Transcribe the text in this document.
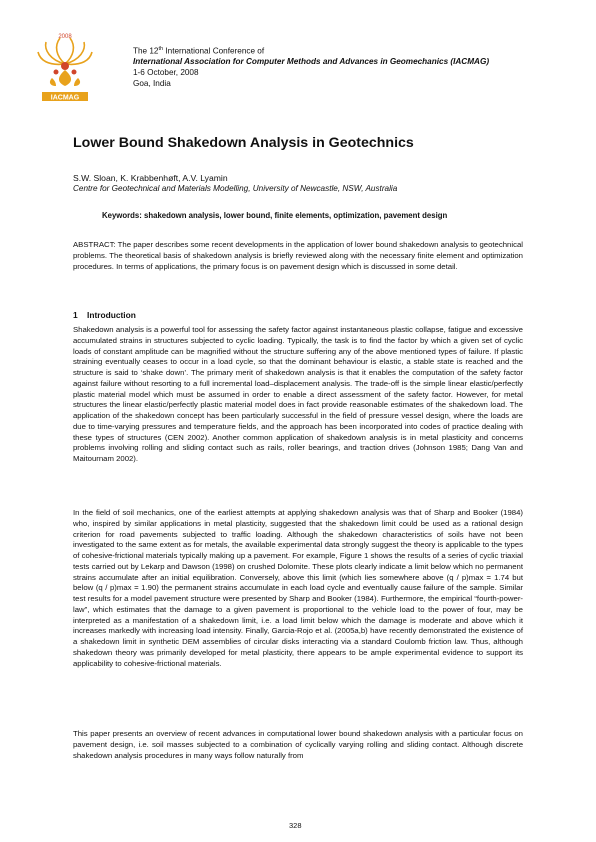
IACMAG
2008
The 12th International Conference of
International Association for Computer Methods and Advances in Geomechanics (IACMAG)
1-6 October, 2008
Goa, India
Lower Bound Shakedown Analysis in Geotechnics
S.W. Sloan, K. Krabbenhøft, A.V. Lyamin
Centre for Geotechnical and Materials Modelling, University of Newcastle, NSW, Australia
Keywords: shakedown analysis, lower bound, finite elements, optimization, pavement design

ABSTRACT: The paper describes some recent developments in the application of lower bound shakedown analysis to geotechnical problems. The theoretical basis of shakedown analysis is briefly reviewed along with the necessary finite element and optimization procedures. In terms of applications, the primary focus is on pavement design which is discussed in some detail.

1 Introduction

Shakedown analysis is a powerful tool for assessing the safety factor against instantaneous plastic collapse, fatigue and excessive accumulated strains in structures subjected to cyclic loading. Typically, the task is to find the factor by which a given set of cyclic loads of constant amplitude can be magnified without the structure suffering any of the above mentioned types of failure. If plastic straining eventually ceases to occur in a load cycle, so that the dominant behaviour is elastic, a stable state is reached and the structure is said to ‘shake down’. The primary merit of shakedown analysis is that it enables the computation of the safety factor against failure without resorting to a full incremental load–displacement analysis. The trade-off is the simple linear elastic/perfectly plastic material model which must be assumed in order to enable a direct assessment of the safety factor. However, for metal structures the linear elastic/perfectly plastic material model does in fact provide reasonable estimates of the shakedown load. The application of the shakedown concept has been particularly successful in the field of pressure vessel design, where the loads are due to time-varying pressures and temperature fields, and the approach has been incorporated into codes of practice dealing with these types of structures (CEN 2002). Another common application of shakedown analysis is in metal plasticity and concerns problems involving rolling and sliding contact such as rails, roller bearings, and traction drives (Johnson 1985; Dang Van and Maitournam 2002).

In the field of soil mechanics, one of the earliest attempts at applying shakedown analysis was that of Sharp and Booker (1984) who, inspired by similar applications in metal plasticity, suggested that the shakedown limit could be used as a rational design criterion for road pavements subjected to traffic loading. Although the shakedown characteristics of soils have not been investigated to the same extent as for metals, the available experimental data strongly suggest the theory is applicable to the types of cohesive-frictional materials typically making up a pavement. For example, Figure 1 shows the results of a series of cyclic triaxial tests carried out by Lekarp and Dawson (1998) on crushed Dolomite. These plots clearly indicate a limit below which no permanent strains accumulate after an initial equilibration. Conversely, above this limit (which lies somewhere above (q / p)max = 1.74 but below (q / p)max = 1.90) the permanent strains accumulate in each load cycle and eventually cause failure of the sample. Similar test results for a model pavement structure were presented by Sharp and Booker (1984). Furthermore, the empirical “fourth-power-law”, which estimates that the damage to a given pavement is proportional to the vehicle load to the power of four, may be interpreted as a manifestation of a shakedown limit, i.e. a load limit below which the damage is moderate and above which it increases markedly with increasing load intensity. Finally, Garcia-Rojo et al. (2005a,b) have recently demonstrated the existence of a shakedown limit in synthetic DEM assemblies of circular disks interacting via a standard Coulomb friction law. Thus, although shakedown theory was primarily developed for metal plasticity, there appears to be ample experimental evidence to support its applicability to cohesive-frictional materials.

This paper presents an overview of recent advances in computational lower bound shakedown analysis with a particular focus on pavement design, i.e. soil masses subjected to a combination of cyclically varying rolling and sliding contact. Although discrete shakedown analysis procedures in many ways follow naturally from

328
